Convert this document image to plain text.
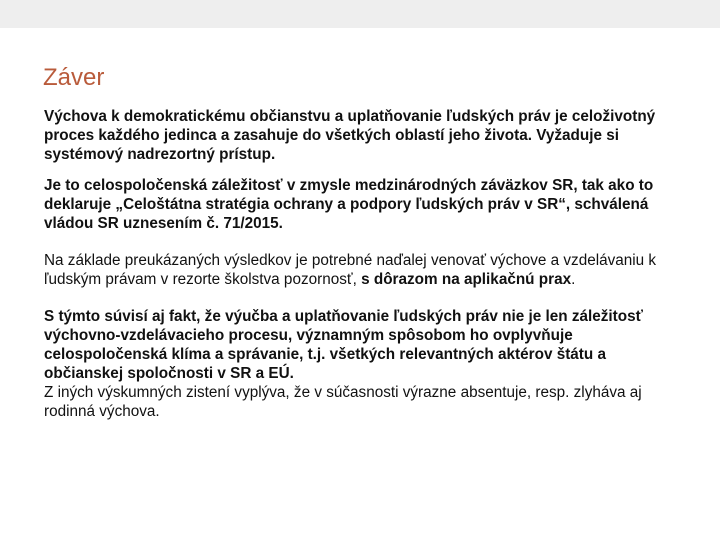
Záver

Výchova k demokratickému občianstvu a uplatňovanie ľudských práv je celoživotný proces každého jedinca a zasahuje do všetkých oblastí jeho života. Vyžaduje si systémový nadrezortný prístup.

Je to celospoločenská záležitosť v zmysle medzinárodných záväzkov SR, tak ako to deklaruje „Celoštátna stratégia ochrany a podpory ľudských práv v SR“, schválená vládou SR uznesením č. 71/2015.

Na základe preukázaných výsledkov je potrebné naďalej venovať výchove a vzdelávaniu k ľudským právam v rezorte školstva pozornosť, s dôrazom na aplikačnú prax.

S týmto súvisí aj fakt, že výučba a uplatňovanie ľudských práv nie je len záležitosť výchovno-vzdelávacieho procesu, významným spôsobom ho ovplyvňuje celospoločenská klíma a správanie, t.j. všetkých relevantných aktérov štátu a občianskej spoločnosti v SR a EÚ.

Z iných výskumných zistení vyplýva, že v súčasnosti výrazne absentuje, resp. zlyháva aj rodinná výchova.
